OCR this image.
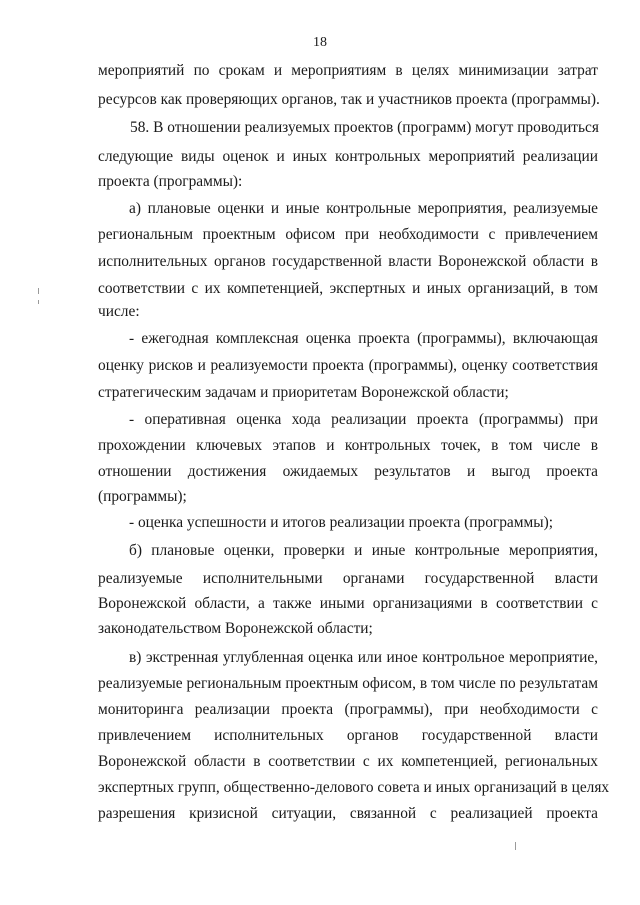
18
мероприятий по срокам и мероприятиям в целях минимизации затрат
ресурсов как проверяющих органов, так и участников проекта (программы).
58. В отношении реализуемых проектов (программ) могут проводиться
следующие виды оценок и иных контрольных мероприятий реализации
проекта (программы):
а) плановые оценки и иные контрольные мероприятия, реализуемые
региональным проектным офисом при необходимости с привлечением
исполнительных органов государственной власти Воронежской области в
соответствии с их компетенцией, экспертных и иных организаций, в том
числе:
- ежегодная комплексная оценка проекта (программы), включающая
оценку рисков и реализуемости проекта (программы), оценку соответствия
стратегическим задачам и приоритетам Воронежской области;
- оперативная оценка хода реализации проекта (программы) при
прохождении ключевых этапов и контрольных точек, в том числе в
отношении достижения ожидаемых результатов и выгод проекта
(программы);
- оценка успешности и итогов реализации проекта (программы);
б) плановые оценки, проверки и иные контрольные мероприятия,
реализуемые исполнительными органами государственной власти
Воронежской области, а также иными организациями в соответствии с
законодательством Воронежской области;
в) экстренная углубленная оценка или иное контрольное мероприятие,
реализуемые региональным проектным офисом, в том числе по результатам
мониторинга реализации проекта (программы), при необходимости с
привлечением исполнительных органов государственной власти
Воронежской области в соответствии с их компетенцией, региональных
экспертных групп, общественно-делового совета и иных организаций в целях
разрешения кризисной ситуации, связанной с реализацией проекта
